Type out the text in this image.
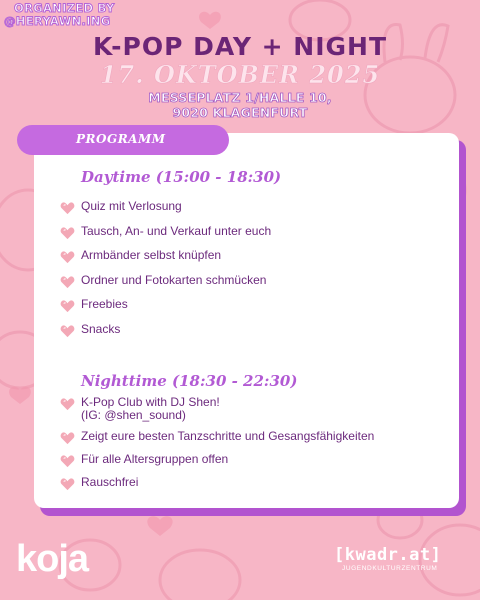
ORGANIZED BY
@HERYAWN.ING
K-POP DAY + NIGHT
17. OKTOBER 2025
MESSEPLATZ 1/HALLE 10,
9020 KLAGENFURT
PROGRAMM
Daytime (15:00 - 18:30)
Quiz mit Verlosung
Tausch, An- und Verkauf unter euch
Armbänder selbst knüpfen
Ordner und Fotokarten schmücken
Freebies
Snacks
Nighttime (18:30 - 22:30)
K-Pop Club with DJ Shen!
(IG: @shen_sound)
Zeigt eure besten Tanzschritte und Gesangsfähigkeiten
Für alle Altersgruppen offen
Rauschfrei
koja	[kwadr.at]
JUGENDKULTURZENTRUM
